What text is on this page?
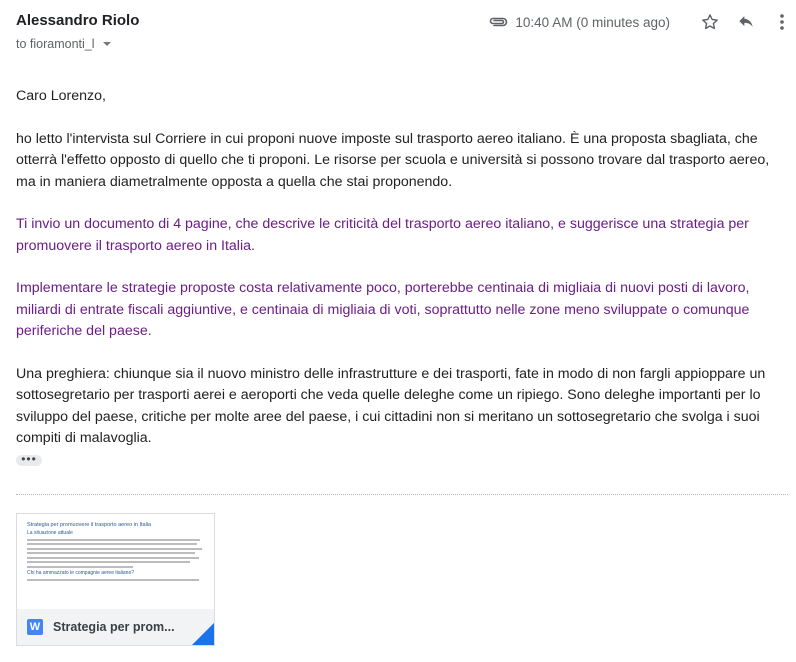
Alessandro Riolo
to fioramonti_l
10:40 AM (0 minutes ago)

Caro Lorenzo,

ho letto l'intervista sul Corriere in cui proponi nuove imposte sul trasporto aereo italiano. È una proposta sbagliata, che otterrà l'effetto opposto di quello che ti proponi. Le risorse per scuola e università si possono trovare dal trasporto aereo, ma in maniera diametralmente opposta a quella che stai proponendo.

Ti invio un documento di 4 pagine, che descrive le criticità del trasporto aereo italiano, e suggerisce una strategia per promuovere il trasporto aereo in Italia.

Implementare le strategie proposte costa relativamente poco, porterebbe centinaia di migliaia di nuovi posti di lavoro, miliardi di entrate fiscali aggiuntive, e centinaia di migliaia di voti, soprattutto nelle zone meno sviluppate o comunque periferiche del paese.

Una preghiera: chiunque sia il nuovo ministro delle infrastrutture e dei trasporti, fate in modo di non fargli appioppare un sottosegretario per trasporti aerei e aeroporti che veda quelle deleghe come un ripiego. Sono deleghe importanti per lo sviluppo del paese, critiche per molte aree del paese, i cui cittadini non si meritano un sottosegretario che svolga i suoi compiti di malavoglia.

•••
Strategia per promuovere il trasporto aereo in Italia
La situazione attuale
Chi ha ammazzato le compagnie aeree italiane?
W Strategia per prom...
